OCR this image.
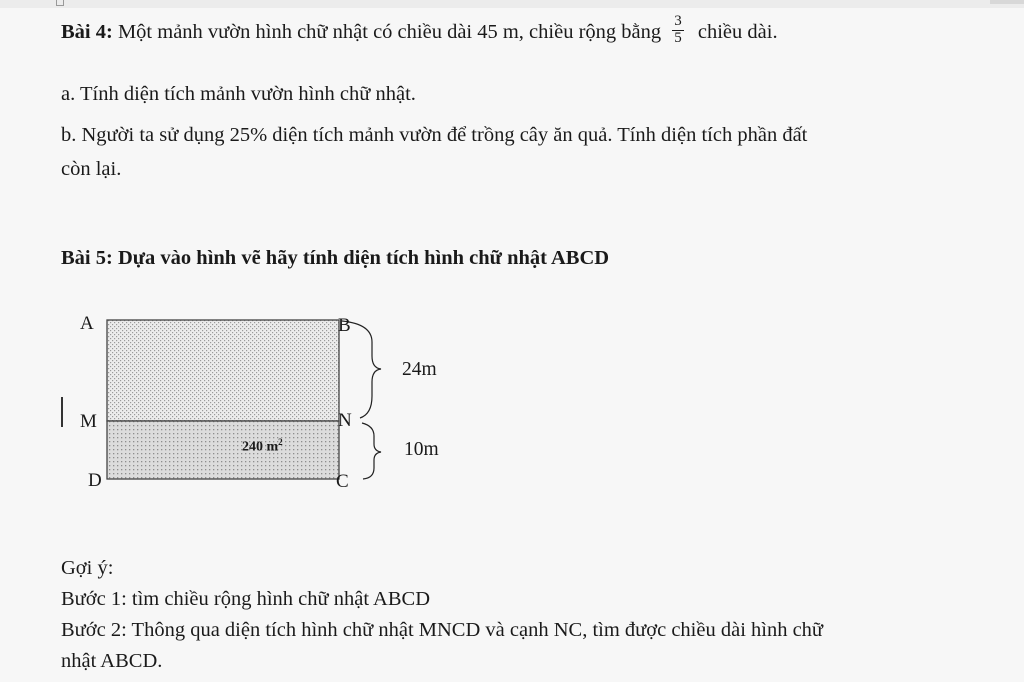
Bài 4: Một mảnh vườn hình chữ nhật có chiều dài 45 m, chiều rộng bằng $\frac{3}{5}$ chiều dài.
a. Tính diện tích mảnh vườn hình chữ nhật.
b. Người ta sử dụng 25% diện tích mảnh vườn để trồng cây ăn quả. Tính diện tích phần đất
còn lại.
Bài 5: Dựa vào hình vẽ hãy tính diện tích hình chữ nhật ABCD
A	B
M	N
D	C
240 $m^2$
24m
10m
Gợi ý:
Bước 1: tìm chiều rộng hình chữ nhật ABCD
Bước 2: Thông qua diện tích hình chữ nhật MNCD và cạnh NC, tìm được chiều dài hình chữ
nhật ABCD.
